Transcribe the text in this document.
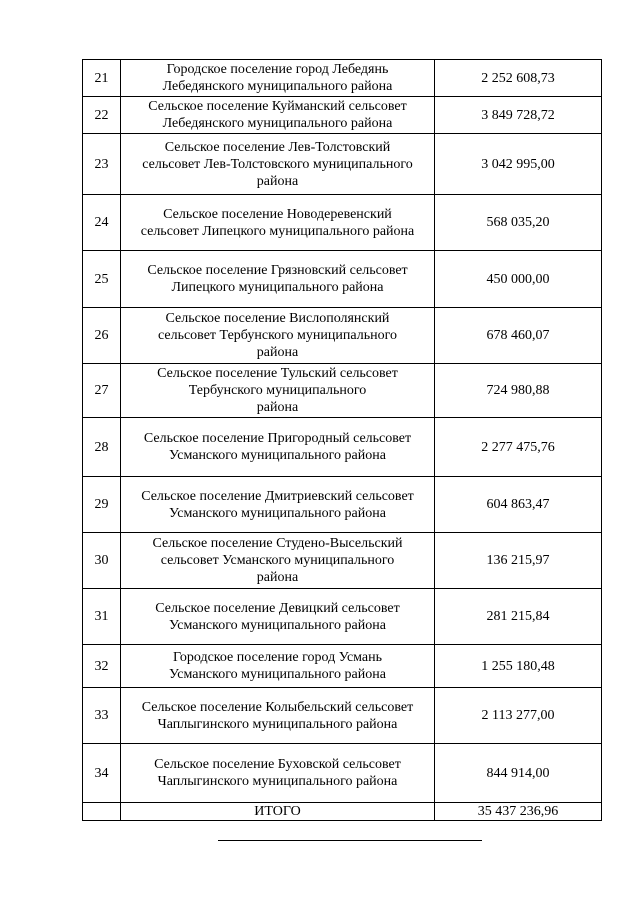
21	Городское поселение город Лебедянь
Лебедянского муниципального района	2 252 608,73
22	Сельское поселение Куйманский сельсовет
Лебедянского муниципального района	3 849 728,72
23	Сельское поселение Лев-Толстовский
сельсовет Лев-Толстовского муниципального
района	3 042 995,00
24	Сельское поселение Новодеревенский
сельсовет Липецкого муниципального района	568 035,20
25	Сельское поселение Грязновский сельсовет
Липецкого муниципального района	450 000,00
26	Сельское поселение Вислополянский
сельсовет Тербунского муниципального
района	678 460,07
27	Сельское поселение Тульский сельсовет
Тербунского муниципального
района	724 980,88
28	Сельское поселение Пригородный сельсовет
Усманского муниципального района	2 277 475,76
29	Сельское поселение Дмитриевский сельсовет
Усманского муниципального района	604 863,47
30	Сельское поселение Студено-Высельский
сельсовет Усманского муниципального
района	136 215,97
31	Сельское поселение Девицкий сельсовет
Усманского муниципального района	281 215,84
32	Городское поселение город Усмань
Усманского муниципального района	1 255 180,48
33	Сельское поселение Колыбельский сельсовет
Чаплыгинского муниципального района	2 113 277,00
34	Сельское поселение Буховской сельсовет
Чаплыгинского муниципального района	844 914,00
	ИТОГО	35 437 236,96
